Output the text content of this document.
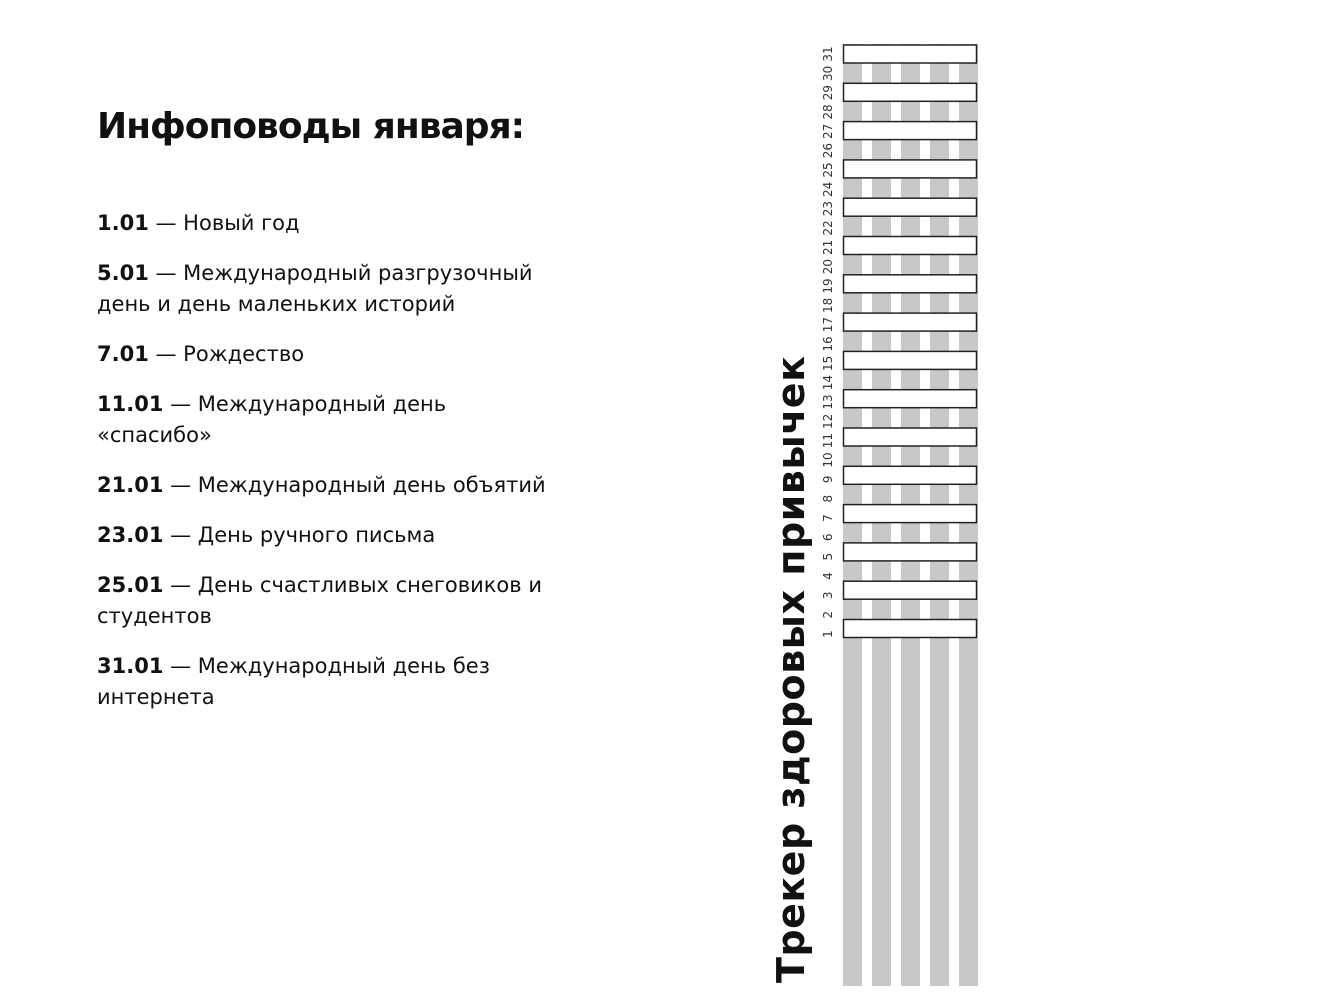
Инфоповоды января:
1.01 — Новый год
5.01 — Международный разгрузочный день и день маленьких историй
7.01 — Рождество
11.01 — Международный день «спасибо»
21.01 — Международный день объятий
23.01 — День ручного письма
25.01 — День счастливых снеговиков и студентов
31.01 — Международный день без интернета	Трекер здоровых привычек 1
2
3
4
5
6
7
8
9
10
11
12
13
14
15
16
17
18
19
20
21
22
23
24
25
26
27
28
29
30
31
